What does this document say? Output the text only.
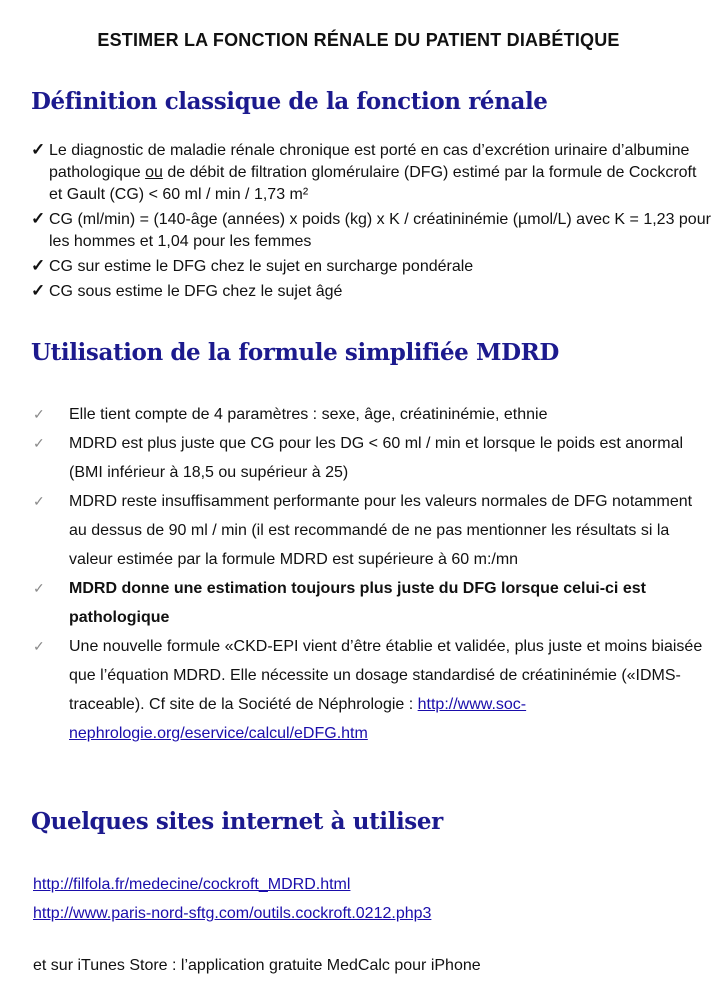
ESTIMER LA FONCTION RÉNALE DU PATIENT DIABÉTIQUE
Définition classique de la fonction rénale
✓ Le diagnostic de maladie rénale chronique est porté en cas d’excrétion urinaire d’albumine pathologique ou de débit de filtration glomérulaire (DFG) estimé par la formule de Cockcroft et Gault (CG) < 60 ml / min / 1,73 m²
✓ CG (ml/min) = (140-âge (années) x poids (kg) x K / créatininémie (µmol/L) avec K = 1,23 pour les hommes et 1,04 pour les femmes
✓ CG sur estime le DFG chez le sujet en surcharge pondérale
✓ CG sous estime le DFG chez le sujet âgé
Utilisation de la formule simplifiée MDRD
✓ Elle tient compte de 4 paramètres : sexe, âge, créatininémie, ethnie
✓ MDRD est plus juste que CG pour les DG < 60 ml / min et lorsque le poids est anormal (BMI inférieur à 18,5 ou supérieur à 25)
✓ MDRD reste insuffisamment performante pour les valeurs normales de DFG notamment au dessus de 90 ml / min (il est recommandé de ne pas mentionner les résultats si la valeur estimée par la formule MDRD est supérieure à 60 m:/mn
✓ MDRD donne une estimation toujours plus juste du DFG lorsque celui-ci est pathologique
✓ Une nouvelle formule «CKD-EPI vient d’être établie et validée, plus juste et moins biaisée que l’équation MDRD. Elle nécessite un dosage standardisé de créatininémie («IDMS-traceable). Cf site de la Société de Néphrologie : http://www.soc-nephrologie.org/eservice/calcul/eDFG.htm
Quelques sites internet à utiliser
http://filfola.fr/medecine/cockroft_MDRD.html
http://www.paris-nord-sftg.com/outils.cockroft.0212.php3

et sur iTunes Store : l’application gratuite MedCalc pour iPhone
